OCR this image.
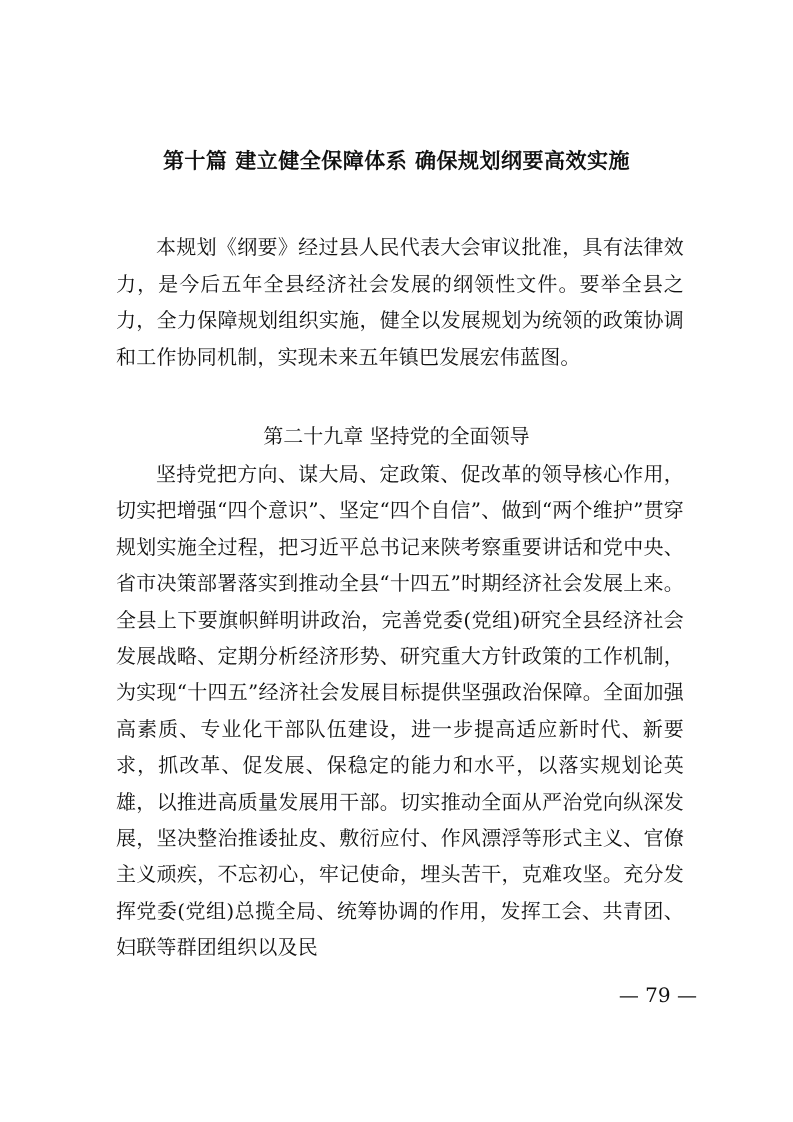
第十篇 建立健全保障体系 确保规划纲要高效实施

本规划《纲要》经过县人民代表大会审议批准，具有法律效力，是今后五年全县经济社会发展的纲领性文件。要举全县之力，全力保障规划组织实施，健全以发展规划为统领的政策协调和工作协同机制，实现未来五年镇巴发展宏伟蓝图。

第二十九章 坚持党的全面领导

坚持党把方向、谋大局、定政策、促改革的领导核心作用，切实把增强“四个意识”、坚定“四个自信”、做到“两个维护”贯穿规划实施全过程，把习近平总书记来陕考察重要讲话和党中央、省市决策部署落实到推动全县“十四五”时期经济社会发展上来。全县上下要旗帜鲜明讲政治，完善党委(党组)研究全县经济社会发展战略、定期分析经济形势、研究重大方针政策的工作机制，为实现“十四五”经济社会发展目标提供坚强政治保障。全面加强高素质、专业化干部队伍建设，进一步提高适应新时代、新要求，抓改革、促发展、保稳定的能力和水平，以落实规划论英雄，以推进高质量发展用干部。切实推动全面从严治党向纵深发展，坚决整治推诿扯皮、敷衍应付、作风漂浮等形式主义、官僚主义顽疾，不忘初心，牢记使命，埋头苦干，克难攻坚。充分发挥党委(党组)总揽全局、统筹协调的作用，发挥工会、共青团、妇联等群团组织以及民

— 79 —
